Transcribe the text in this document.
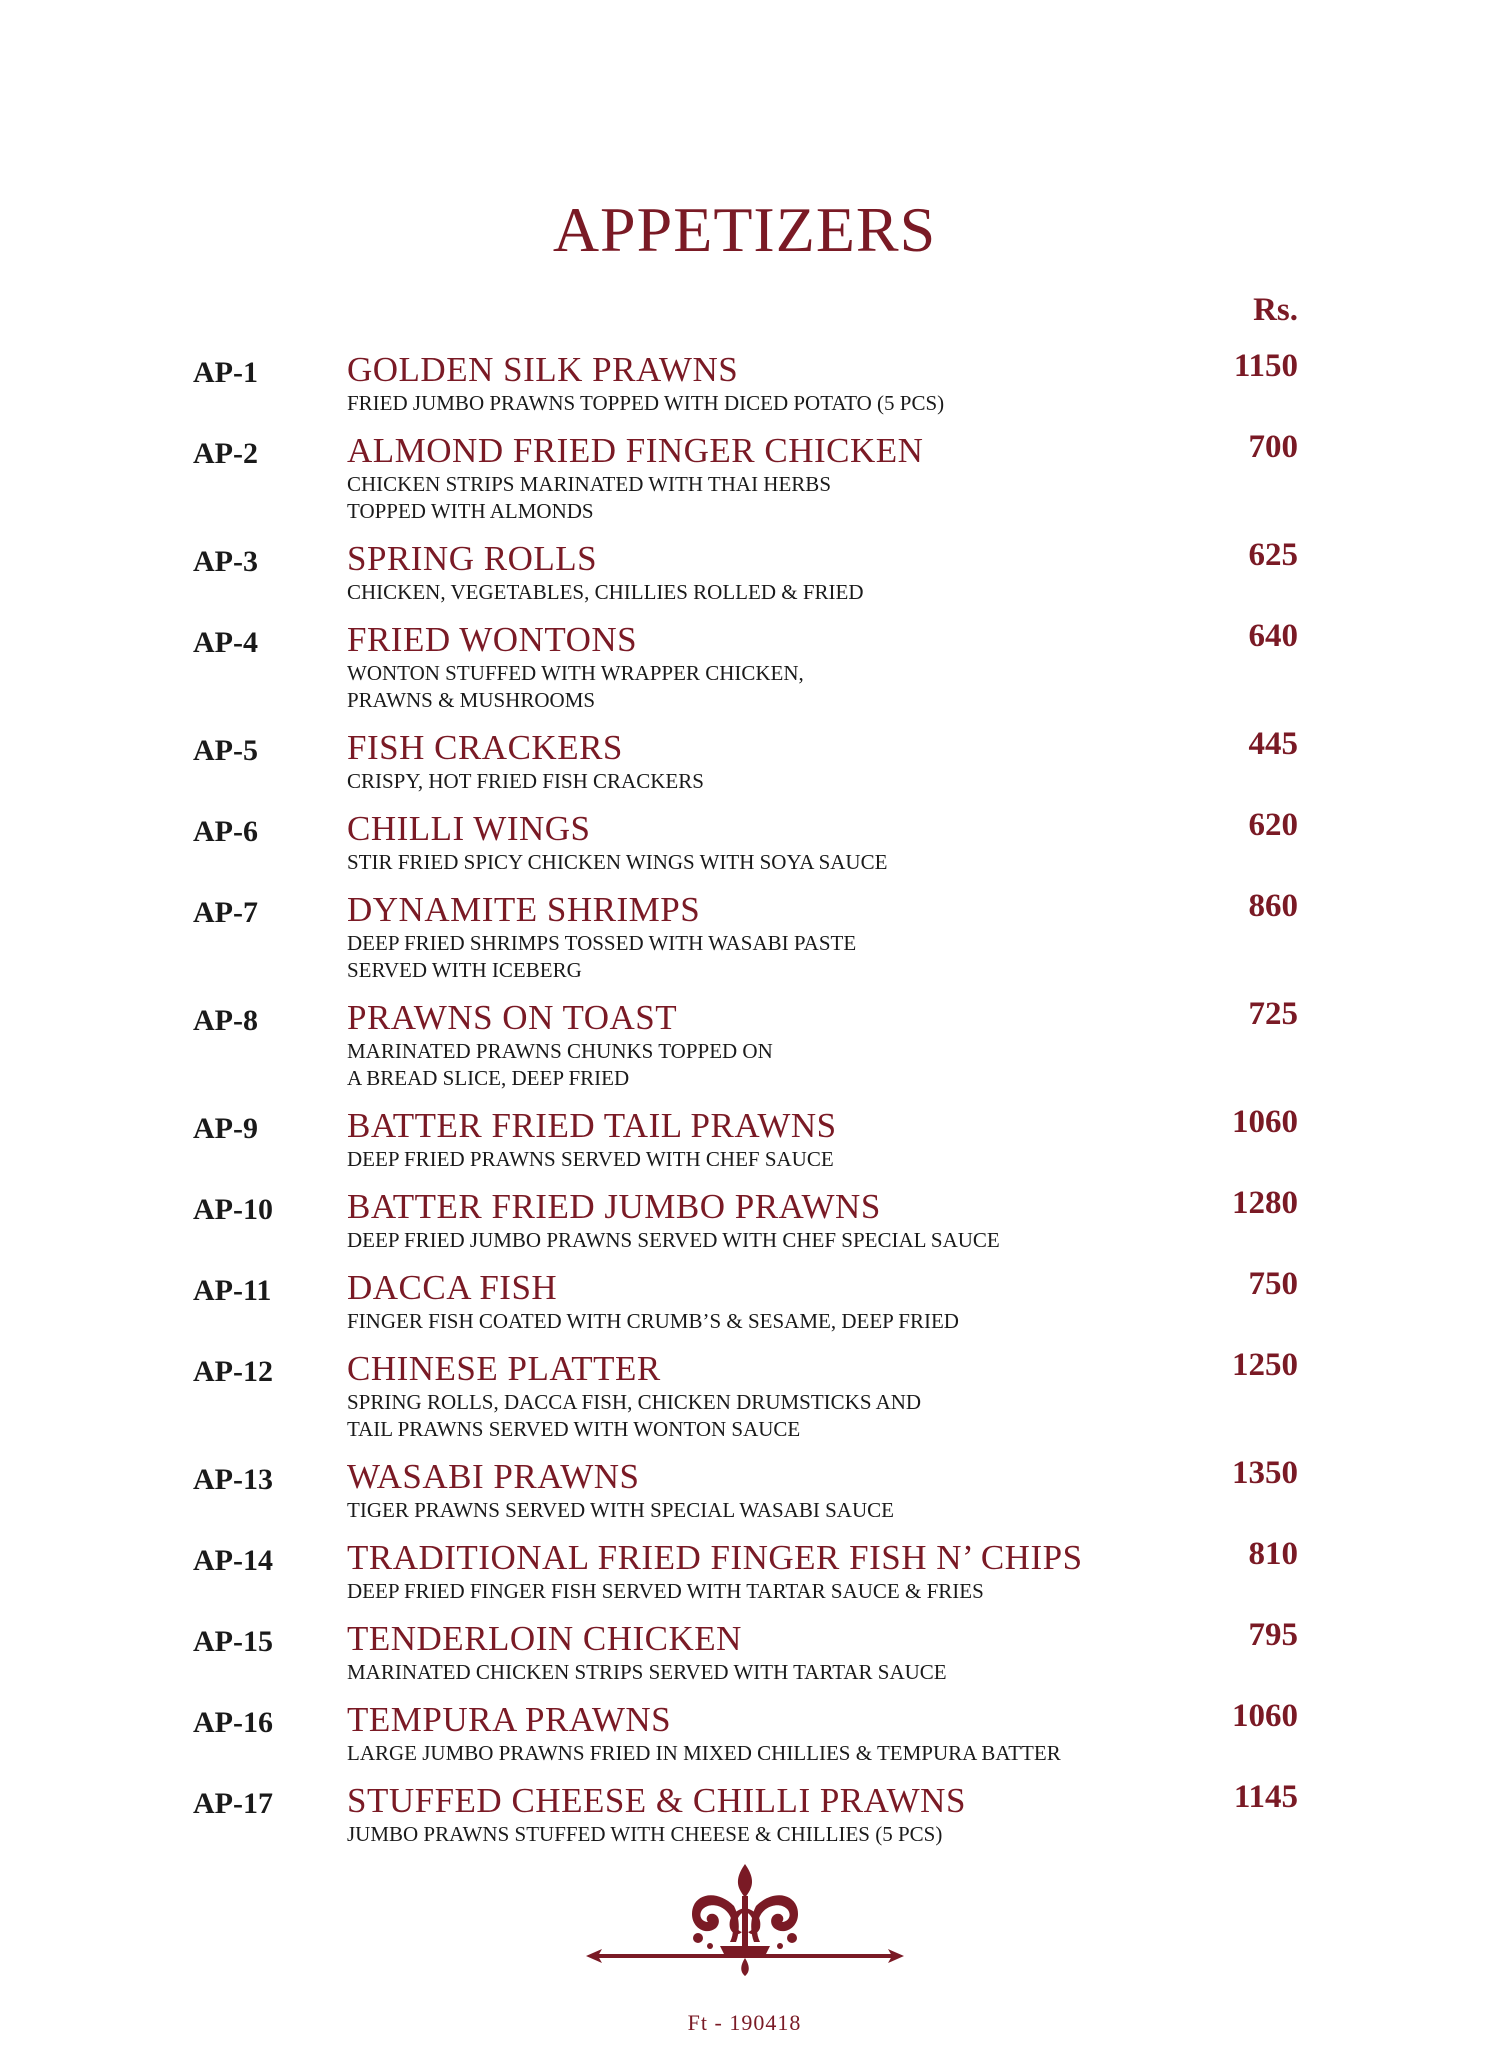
APPETIZERS
Rs.
AP-1	GOLDEN SILK PRAWNS
FRIED JUMBO PRAWNS TOPPED WITH DICED POTATO (5 PCS)
1150
AP-2	ALMOND FRIED FINGER CHICKEN
CHICKEN STRIPS MARINATED WITH THAI HERBS
TOPPED WITH ALMONDS
700
AP-3	SPRING ROLLS
CHICKEN, VEGETABLES, CHILLIES ROLLED & FRIED
625
AP-4	FRIED WONTONS
WONTON STUFFED WITH WRAPPER CHICKEN,
PRAWNS & MUSHROOMS
640
AP-5	FISH CRACKERS
CRISPY, HOT FRIED FISH CRACKERS
445
AP-6	CHILLI WINGS
STIR FRIED SPICY CHICKEN WINGS WITH SOYA SAUCE
620
AP-7	DYNAMITE SHRIMPS
DEEP FRIED SHRIMPS TOSSED WITH WASABI PASTE
SERVED WITH ICEBERG
860
AP-8	PRAWNS ON TOAST
MARINATED PRAWNS CHUNKS TOPPED ON
A BREAD SLICE, DEEP FRIED
725
AP-9	BATTER FRIED TAIL PRAWNS
DEEP FRIED PRAWNS SERVED WITH CHEF SAUCE
1060
AP-10 BATTER FRIED JUMBO PRAWNS
DEEP FRIED JUMBO PRAWNS SERVED WITH CHEF SPECIAL SAUCE
1280
AP-11 DACCA FISH
FINGER FISH COATED WITH CRUMB’S & SESAME, DEEP FRIED
750
AP-12 CHINESE PLATTER
SPRING ROLLS, DACCA FISH, CHICKEN DRUMSTICKS AND
TAIL PRAWNS SERVED WITH WONTON SAUCE
1250
AP-13 WASABI PRAWNS
TIGER PRAWNS SERVED WITH SPECIAL WASABI SAUCE
1350
AP-14 TRADITIONAL FRIED FINGER FISH N’ CHIPS
DEEP FRIED FINGER FISH SERVED WITH TARTAR SAUCE & FRIES
810
AP-15 TENDERLOIN CHICKEN
MARINATED CHICKEN STRIPS SERVED WITH TARTAR SAUCE
795
AP-16 TEMPURA PRAWNS
LARGE JUMBO PRAWNS FRIED IN MIXED CHILLIES & TEMPURA BATTER
1060
AP-17 STUFFED CHEESE & CHILLI PRAWNS
JUMBO PRAWNS STUFFED WITH CHEESE & CHILLIES (5 PCS)
1145
Ft - 190418
